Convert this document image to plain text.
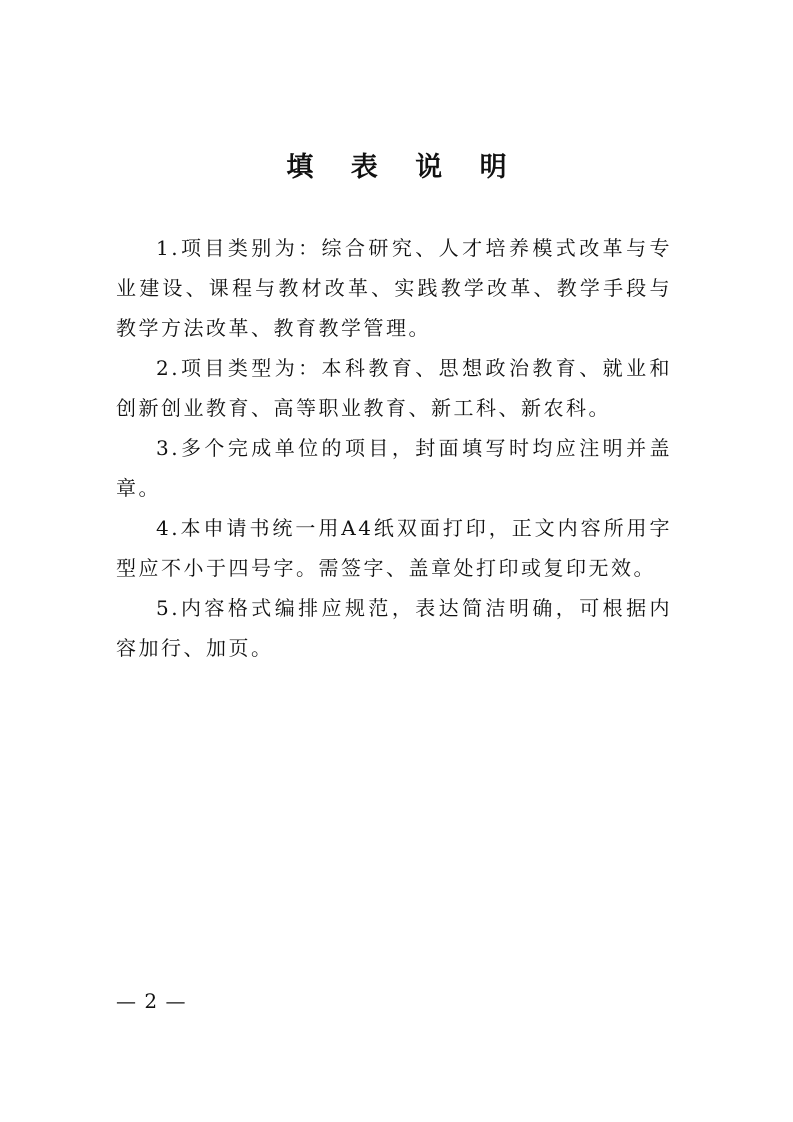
填 表 说 明

1.项目类别为：综合研究、人才培养模式改革与专业建设、课程与教材改革、实践教学改革、教学手段与教学方法改革、教育教学管理。

2.项目类型为：本科教育、思想政治教育、就业和创新创业教育、高等职业教育、新工科、新农科。

3.多个完成单位的项目，封面填写时均应注明并盖章。

4.本申请书统一用A4纸双面打印，正文内容所用字型应不小于四号字。需签字、盖章处打印或复印无效。

5.内容格式编排应规范，表达简洁明确，可根据内容加行、加页。

— 2 —
